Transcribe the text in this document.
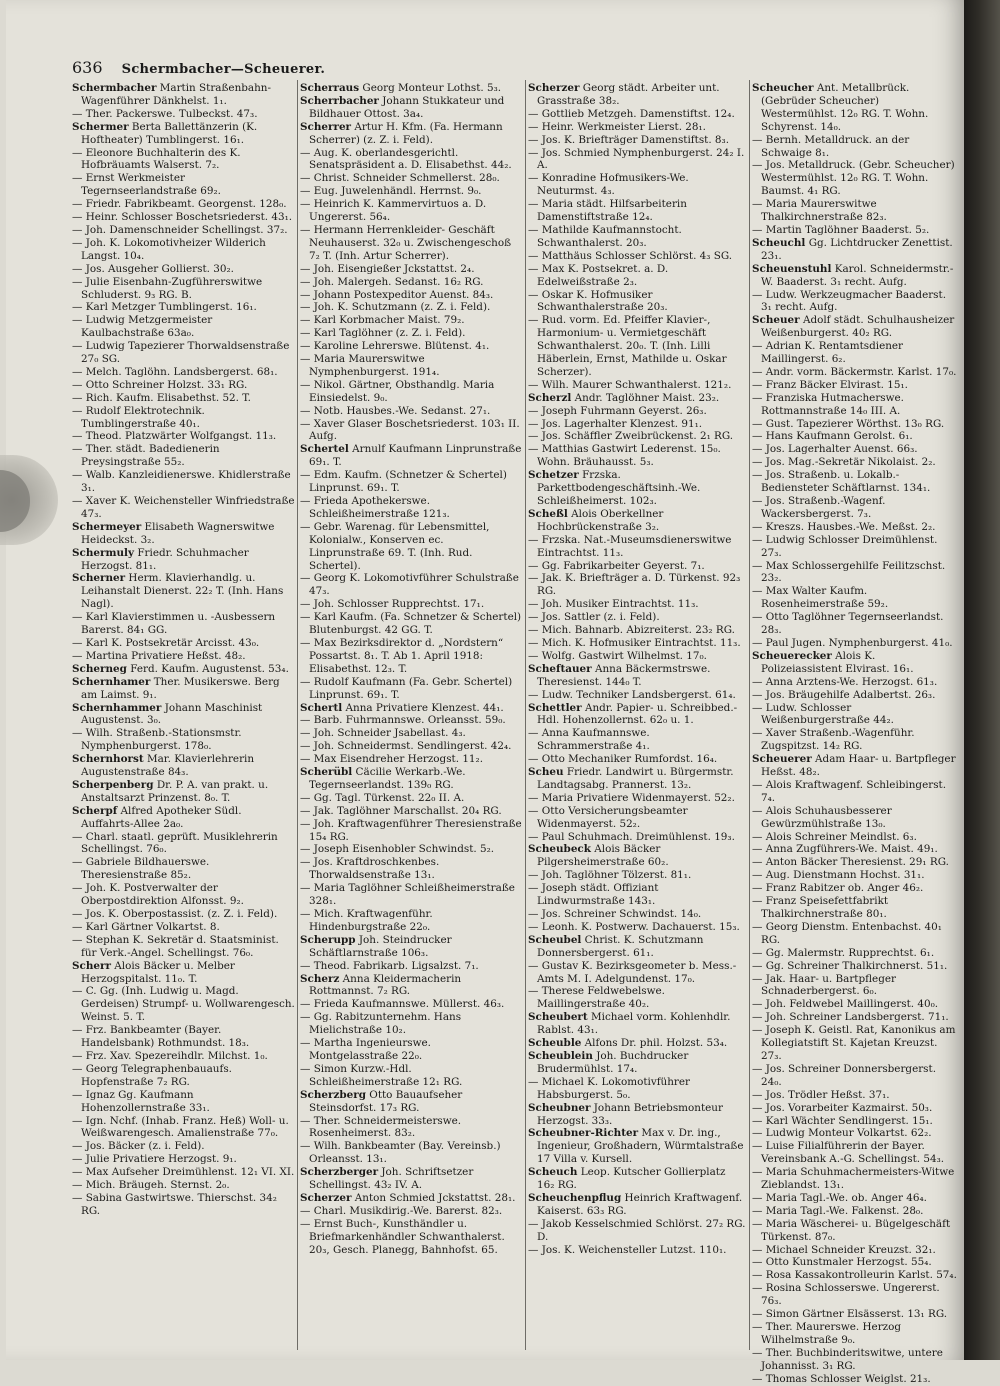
636 Schermbacher—Scheuerer.

Schermbacher Martin Straßenbahn-Wagenführer Dänkhelst. 1₁.

— Ther. Packerswe. Tulbeckst. 47₃.

Schermer Berta Ballettänzerin (K. Hoftheater) Tumblingerst. 16₁.

— Eleonore Buchhalterin des K. Hofbräuamts Walserst. 7₂.

— Ernst Werkmeister Tegernseerlandstraße 69₂.

— Friedr. Fabrikbeamt. Georgenst. 128₀.

— Heinr. Schlosser Boschetsriederst. 43₁.

— Joh. Damenschneider Schellingst. 37₂.

— Joh. K. Lokomotivheizer Wilderich Langst. 10₄.

— Jos. Ausgeher Gollierst. 30₂.

— Julie Eisenbahn-Zugführerswitwe Schluderst. 9₃ RG. B.

— Karl Metzger Tumblingerst. 16₁.

— Ludwig Metzgermeister Kaulbachstraße 63a₀.

— Ludwig Tapezierer Thorwaldsenstraße 27₀ SG.

— Melch. Taglöhn. Landsbergerst. 68₁.

— Otto Schreiner Holzst. 33₁ RG.

— Rich. Kaufm. Elisabethst. 52. T.

— Rudolf Elektrotechnik. Tumblingerstraße 40₁.

— Theod. Platzwärter Wolfgangst. 11₃.

— Ther. städt. Badedienerin Preysingstraße 55₂.

— Walb. Kanzleidienerswe. Khidlerstraße 3₁.

— Xaver K. Weichensteller Winfriedstraße 47₃.

Schermeyer Elisabeth Wagnerswitwe Heideckst. 3₂.

Schermuly Friedr. Schuhmacher Herzogst. 81₁.

Scherner Herm. Klavierhandlg. u. Leihanstalt Dienerst. 22₂ T. (Inh. Hans Nagl).

— Karl Klavierstimmen u. -Ausbessern Barerst. 84₁ GG.

— Karl K. Postsekretär Arcisst. 43₀.

— Martina Privatiere Heßst. 48₂.

Scherneg Ferd. Kaufm. Augustenst. 53₄.

Schernhamer Ther. Musikerswe. Berg am Laimst. 9₁.

Schernhammer Johann Maschinist Augustenst. 3₀.

— Wilh. Straßenb.-Stationsmstr. Nymphenburgerst. 178₀.

Schernhorst Mar. Klavierlehrerin Augustenstraße 84₃.

Scherpenberg Dr. P. A. van prakt. u. Anstaltsarzt Prinzenst. 8₀. T.

Scherpf Alfred Apotheker Südl. Auffahrts-Allee 2a₀.

— Charl. staatl. geprüft. Musiklehrerin Schellingst. 76₀.

— Gabriele Bildhauerswe. Theresienstraße 85₂.

— Joh. K. Postverwalter der Oberpostdirektion Alfonsst. 9₂.

— Jos. K. Oberpostassist. (z. Z. i. Feld).

— Karl Gärtner Volkartst. 8.

— Stephan K. Sekretär d. Staatsminist. für Verk.-Angel. Schellingst. 76₀.

Scherr Alois Bäcker u. Melber Herzogspitalst. 11₀. T.

— C. Gg. (Inh. Ludwig u. Magd. Gerdeisen) Strumpf- u. Wollwarengesch. Weinst. 5. T.

— Frz. Bankbeamter (Bayer. Handelsbank) Rothmundst. 18₃.

— Frz. Xav. Spezereihdlr. Milchst. 1₀.

— Georg Telegraphenbauaufs. Hopfenstraße 7₂ RG.

— Ignaz Gg. Kaufmann Hohenzollernstraße 33₁.

— Ign. Nchf. (Inhab. Franz. Heß) Woll- u. Weißwarengesch. Amalienstraße 77₀.

— Jos. Bäcker (z. i. Feld).

— Julie Privatiere Herzogst. 9₁.

— Max Aufseher Dreimühlenst. 12₁ VI. XI.

— Mich. Bräugeh. Sternst. 2₀.

— Sabina Gastwirtswe. Thierschst. 34₂ RG.

Scherraus Georg Monteur Lothst. 5₃.

Scherrbacher Johann Stukkateur und Bildhauer Ottost. 3a₄.

Scherrer Artur H. Kfm. (Fa. Hermann Scherrer) (z. Z. i. Feld).

— Aug. K. oberlandesgerichtl. Senatspräsident a. D. Elisabethst. 44₂.

— Christ. Schneider Schmellerst. 28₀.

— Eug. Juwelenhändl. Herrnst. 9₀.

— Heinrich K. Kammervirtuos a. D. Ungererst. 56₄.

— Hermann Herrenkleider- Geschäft Neuhauserst. 32₀ u. Zwischengeschoß 7₂ T. (Inh. Artur Scherrer).

— Joh. Eisengießer Jckstattst. 2₄.

— Joh. Malergeh. Sedanst. 16₂ RG.

— Johann Postexpeditor Auenst. 84₃.

— Joh. K. Schutzmann (z. Z. i. Feld).

— Karl Korbmacher Maist. 79₂.

— Karl Taglöhner (z. Z. i. Feld).

— Karoline Lehrerswe. Blütenst. 4₁.

— Maria Maurerswitwe Nymphenburgerst. 191₄.

— Nikol. Gärtner, Obsthandlg. Maria Einsiedelst. 9₀.

— Notb. Hausbes.-We. Sedanst. 27₁.

— Xaver Glaser Boschetsriederst. 103₁ II. Aufg.

Schertel Arnulf Kaufmann Linprunstraße 69₁. T.

— Edm. Kaufm. (Schnetzer & Schertel) Linprunst. 69₁. T.

— Frieda Apothekerswe. Schleißheimerstraße 121₃.

— Gebr. Warenag. für Lebensmittel, Kolonialw., Konserven ec. Linprunstraße 69. T. (Inh. Rud. Schertel).

— Georg K. Lokomotivführer Schulstraße 47₃.

— Joh. Schlosser Rupprechtst. 17₁.

— Karl Kaufm. (Fa. Schnetzer & Schertel) Blutenburgst. 42 GG. T.

— Max Bezirksdirektor d. „Nordstern“ Possartst. 8₁. T. Ab 1. April 1918: Elisabethst. 12₃. T.

— Rudolf Kaufmann (Fa. Gebr. Schertel) Linprunst. 69₁. T.

Schertl Anna Privatiere Klenzest. 44₁.

— Barb. Fuhrmannswe. Orleansst. 59₀.

— Joh. Schneider Jsabellast. 4₃.

— Joh. Schneidermst. Sendlingerst. 42₄.

— Max Eisendreher Herzogst. 11₂.

Scherübl Cäcilie Werkarb.-We. Tegernseerlandst. 139₀ RG.

— Gg. Tagl. Türkenst. 22₀ II. A.

— Jak. Taglöhner Marschallst. 20₄ RG.

— Joh. Kraftwagenführer Theresienstraße 15₄ RG.

— Joseph Eisenhobler Schwindst. 5₂.

— Jos. Kraftdroschkenbes. Thorwaldsenstraße 13₁.

— Maria Taglöhner Schleißheimerstraße 328₁.

— Mich. Kraftwagenführ. Hindenburgstraße 22₀.

Scherupp Joh. Steindrucker Schäftlarnstraße 106₃.

— Theod. Fabrikarb. Ligsalzst. 7₁.

Scherz Anna Kleidermacherin Rottmannst. 7₂ RG.

— Frieda Kaufmannswe. Müllerst. 46₃.

— Gg. Rabitzunternehm. Hans Mielichstraße 10₂.

— Martha Ingenieurswe. Montgelasstraße 22₀.

— Simon Kurzw.-Hdl. Schleißheimerstraße 12₁ RG.

Scherzberg Otto Bauaufseher Steinsdorfst. 17₃ RG.

— Ther. Schneidermeisterswe. Rosenheimerst. 83₂.

— Wilh. Bankbeamter (Bay. Vereinsb.) Orleansst. 13₁.

Scherzberger Joh. Schriftsetzer Schellingst. 43₂ IV. A.

Scherzer Anton Schmied Jckstattst. 28₁.

— Charl. Musikdirig.-We. Barerst. 82₃.

— Ernst Buch-, Kunsthändler u. Briefmarkenhändler Schwanthalerst. 20₃, Gesch. Planegg, Bahnhofst. 65.

Scherzer Georg städt. Arbeiter unt. Grasstraße 38₂.

— Gottlieb Metzgeh. Damenstiftst. 12₄.

— Heinr. Werkmeister Lierst. 28₁.

— Jos. K. Briefträger Damenstiftst. 8₃.

— Jos. Schmied Nymphenburgerst. 24₂ I. A.

— Konradine Hofmusikers-We. Neuturmst. 4₃.

— Maria städt. Hilfsarbeiterin Damenstiftstraße 12₄.

— Mathilde Kaufmannstocht. Schwanthalerst. 20₃.

— Matthäus Schlosser Schlörst. 4₃ SG.

— Max K. Postsekret. a. D. Edelweißstraße 2₃.

— Oskar K. Hofmusiker Schwanthalerstraße 20₃.

— Rud. vorm. Ed. Pfeiffer Klavier-, Harmonium- u. Vermietgeschäft Schwanthalerst. 20₀. T. (Inh. Lilli Häberlein, Ernst, Mathilde u. Oskar Scherzer).

— Wilh. Maurer Schwanthalerst. 121₂.

Scherzl Andr. Taglöhner Maist. 23₂.

— Joseph Fuhrmann Geyerst. 26₃.

— Jos. Lagerhalter Klenzest. 91₁.

— Jos. Schäffler Zweibrückenst. 2₁ RG.

— Matthias Gastwirt Lederenst. 15₀. Wohn. Bräuhausst. 5₃.

Schetzer Frzska. Parkettbodengeschäftsinh.-We. Schleißheimerst. 102₃.

Scheßl Alois Oberkellner Hochbrückenstraße 3₂.

— Frzska. Nat.-Museumsdienerswitwe Eintrachtst. 11₃.

— Gg. Fabrikarbeiter Geyerst. 7₁.

— Jak. K. Briefträger a. D. Türkenst. 92₃ RG.

— Joh. Musiker Eintrachtst. 11₃.

— Jos. Sattler (z. i. Feld).

— Mich. Bahnarb. Abizreiterst. 23₂ RG.

— Mich. K. Hofmusiker Eintrachtst. 11₃.

— Wolfg. Gastwirt Wilhelmst. 17₀.

Scheftauer Anna Bäckermstrswe. Theresienst. 144₀ T.

— Ludw. Techniker Landsbergerst. 61₄.

Schettler Andr. Papier- u. Schreibbed.-Hdl. Hohenzollernst. 62₀ u. 1.

— Anna Kaufmannswe. Schrammerstraße 4₁.

— Otto Mechaniker Rumfordst. 16₄.

Scheu Friedr. Landwirt u. Bürgermstr. Landtagsabg. Prannerst. 13₂.

— Maria Privatiere Widenmayerst. 52₂.

— Otto Versicherungsbeamter Widenmayerst. 52₂.

— Paul Schuhmach. Dreimühlenst. 19₃.

Scheubeck Alois Bäcker Pilgersheimerstraße 60₂.

— Joh. Taglöhner Tölzerst. 81₁.

— Joseph städt. Offiziant Lindwurmstraße 143₁.

— Jos. Schreiner Schwindst. 14₀.

— Leonh. K. Postwerw. Dachauerst. 15₃.

Scheubel Christ. K. Schutzmann Donnersbergerst. 61₁.

— Gustav K. Bezirksgeometer b. Mess.-Amts M. I. Adelgundenst. 17₀.

— Therese Feldwebelswe. Maillingerstraße 40₂.

Scheubert Michael vorm. Kohlenhdlr. Rablst. 43₁.

Scheuble Alfons Dr. phil. Holzst. 53₄.

Scheublein Joh. Buchdrucker Brudermühlst. 17₄.

— Michael K. Lokomotivführer Habsburgerst. 5₀.

Scheubner Johann Betriebsmonteur Herzogst. 33₃.

Scheubner-Richter Max v. Dr. ing., Ingenieur, Großhadern, Würmtalstraße 17 Villa v. Kursell.

Scheuch Leop. Kutscher Gollierplatz 16₂ RG.

Scheuchenpflug Heinrich Kraftwagenf. Kaiserst. 63₃ RG.

— Jakob Kesselschmied Schlörst. 27₂ RG. D.

— Jos. K. Weichensteller Lutzst. 110₁.

Scheucher Ant. Metallbrück. (Gebrüder Scheucher) Westermühlst. 12₀ RG. T. Wohn. Schyrenst. 14₀.

— Bernh. Metalldruck. an der Schwaige 8₁.

— Jos. Metalldruck. (Gebr. Scheucher) Westermühlst. 12₀ RG. T. Wohn. Baumst. 4₁ RG.

— Maria Maurerswitwe Thalkirchnerstraße 82₃.

— Martin Taglöhner Baaderst. 5₂.

Scheuchl Gg. Lichtdrucker Zenettist. 23₁.

Scheuenstuhl Karol. Schneidermstr.-W. Baaderst. 3₁ recht. Aufg.

— Ludw. Werkzeugmacher Baaderst. 3₁ recht. Aufg.

Scheuer Adolf städt. Schulhausheizer Weißenburgerst. 40₂ RG.

— Adrian K. Rentamtsdiener Maillingerst. 6₂.

— Andr. vorm. Bäckermstr. Karlst. 17₀.

— Franz Bäcker Elvirast. 15₁.

— Franziska Hutmacherswe. Rottmannstraße 14₀ III. A.

— Gust. Tapezierer Wörthst. 13₀ RG.

— Hans Kaufmann Gerolst. 6₁.

— Jos. Lagerhalter Auenst. 66₃.

— Jos. Mag.-Sekretär Nikolaist. 2₂.

— Jos. Straßenb. u. Lokalb.-Bediensteter Schäftlarnst. 134₁.

— Jos. Straßenb.-Wagenf. Wackersbergerst. 7₃.

— Kreszs. Hausbes.-We. Meßst. 2₂.

— Ludwig Schlosser Dreimühlenst. 27₃.

— Max Schlossergehilfe Feilitzschst. 23₂.

— Max Walter Kaufm. Rosenheimerstraße 59₂.

— Otto Taglöhner Tegernseerlandst. 28₃.

— Paul Jugen. Nymphenburgerst. 41₀.

Scheuerecker Alois K. Polizeiassistent Elvirast. 16₁.

— Anna Arztens-We. Herzogst. 61₃.

— Jos. Bräugehilfe Adalbertst. 26₃.

— Ludw. Schlosser Weißenburgerstraße 44₂.

— Xaver Straßenb.-Wagenführ. Zugspitzst. 14₂ RG.

Scheuerer Adam Haar- u. Bartpfleger Heßst. 48₂.

— Alois Kraftwagenf. Schleibingerst. 7₄.

— Alois Schuhausbesserer Gewürzmühlstraße 13₀.

— Alois Schreiner Meindlst. 6₃.

— Anna Zugführers-We. Maist. 49₁.

— Anton Bäcker Theresienst. 29₁ RG.

— Aug. Dienstmann Hochst. 31₁.

— Franz Rabitzer ob. Anger 46₂.

— Franz Speisefettfabrikt Thalkirchnerstraße 80₁.

— Georg Dienstm. Entenbachst. 40₁ RG.

— Gg. Malermstr. Rupprechtst. 6₁.

— Gg. Schreiner Thalkirchnerst. 51₁.

— Jak. Haar- u. Bartpfleger Schnaderbergerst. 6₀.

— Joh. Feldwebel Maillingerst. 40₀.

— Joh. Schreiner Landsbergerst. 71₁.

— Joseph K. Geistl. Rat, Kanonikus am Kollegiatstift St. Kajetan Kreuzst. 27₃.

— Jos. Schreiner Donnersbergerst. 24₀.

— Jos. Trödler Heßst. 37₁.

— Jos. Vorarbeiter Kazmairst. 50₃.

— Karl Wächter Sendlingerst. 15₁.

— Ludwig Monteur Volkartst. 62₂.

— Luise Filialführerin der Bayer. Vereinsbank A.-G. Schellingst. 54₃.

— Maria Schuhmachermeisters-Witwe Zieblandst. 13₁.

— Maria Tagl.-We. ob. Anger 46₄.

— Maria Tagl.-We. Falkenst. 28₀.

— Maria Wäscherei- u. Bügelgeschäft Türkenst. 87₀.

— Michael Schneider Kreuzst. 32₁.

— Otto Kunstmaler Herzogst. 55₄.

— Rosa Kassakontrolleurin Karlst. 57₄.

— Rosina Schlosserswe. Ungererst. 76₃.

— Simon Gärtner Elsässerst. 13₁ RG.

— Ther. Maurerswe. Herzog Wilhelmstraße 9₀.

— Ther. Buchbinderitswitwe, untere Johannisst. 3₁ RG.

— Thomas Schlosser Weiglst. 21₃.
